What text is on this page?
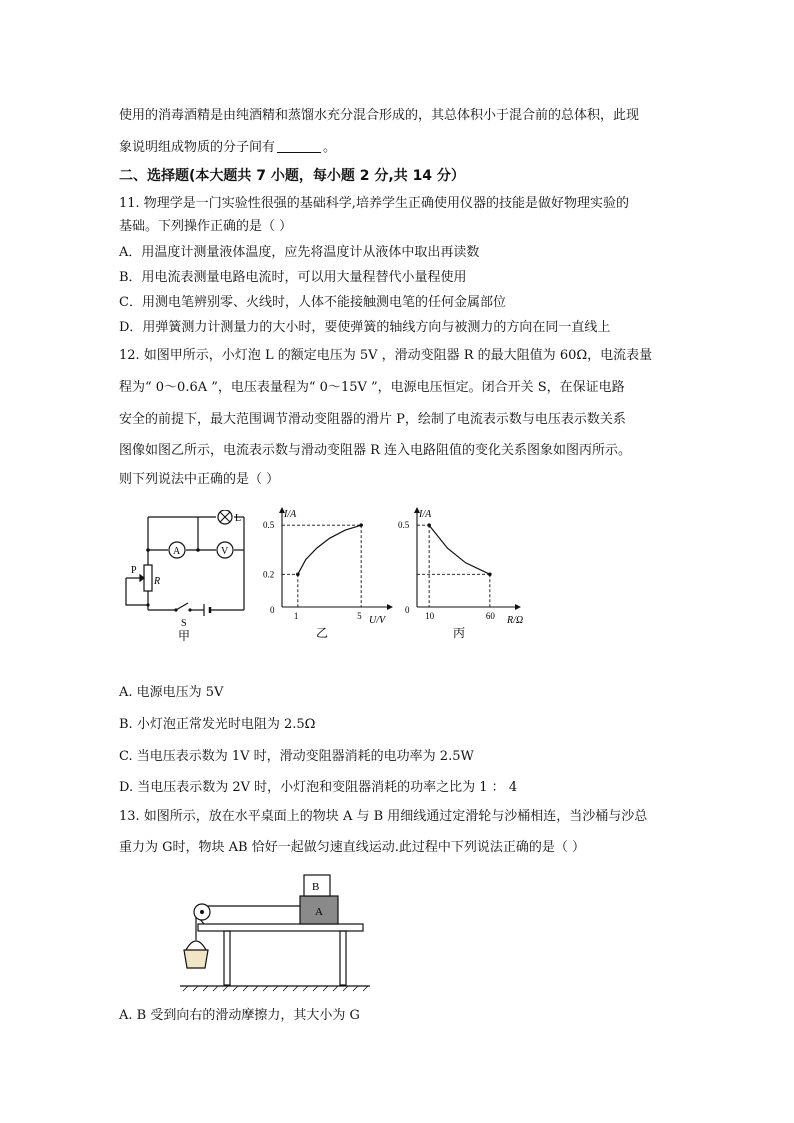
使用的消毒酒精是由纯酒精和蒸馏水充分混合形成的，其总体积小于混合前的总体积，此现
象说明组成物质的分子间有	。
二、选择题(本大题共 7 小题，每小题 2 分,共 14 分）
11. 物理学是一门实验性很强的基础科学,培养学生正确使用仪器的技能是做好物理实验的
基础。下列操作正确的是（ ）
A．用温度计测量液体温度，应先将温度计从液体中取出再读数
B．用电流表测量电路电流时，可以用大量程替代小量程使用
C．用测电笔辨别零、火线时，人体不能接触测电笔的任何金属部位
D．用弹簧测力计测量力的大小时，要使弹簧的轴线方向与被测力的方向在同一直线上
12. 如图甲所示，小灯泡 L 的额定电压为 5V ，滑动变阻器 R 的最大阻值为 60Ω，电流表量
程为“ 0～0.6A ”，电压表量程为“ 0～15V ”，电源电压恒定。闭合开关 S，在保证电路
安全的前提下，最大范围调节滑动变阻器的滑片 P，绘制了电流表示数与电压表示数关系
图像如图乙所示，电流表示数与滑动变阻器 R 连入电路阻值的变化关系图象如图丙所示。
则下列说法中正确的是（ ）
L
A	V
P
R
S
甲
I/A
U/V
0
1	5
0.2
0.5
乙
I/A
R/Ω
0
10	60
0.5
丙
A. 电源电压为 5V
B. 小灯泡正常发光时电阻为 2.5Ω
C. 当电压表示数为 1V 时，滑动变阻器消耗的电功率为 2.5W
D. 当电压表示数为 2V 时，小灯泡和变阻器消耗的功率之比为 1 ： 4
13. 如图所示，放在水平桌面上的物块 A 与 B 用细线通过定滑轮与沙桶相连，当沙桶与沙总
重力为 G时，物块 AB 恰好一起做匀速直线运动.此过程中下列说法正确的是（ ）
A
B
A. B 受到向右的滑动摩擦力，其大小为 G
